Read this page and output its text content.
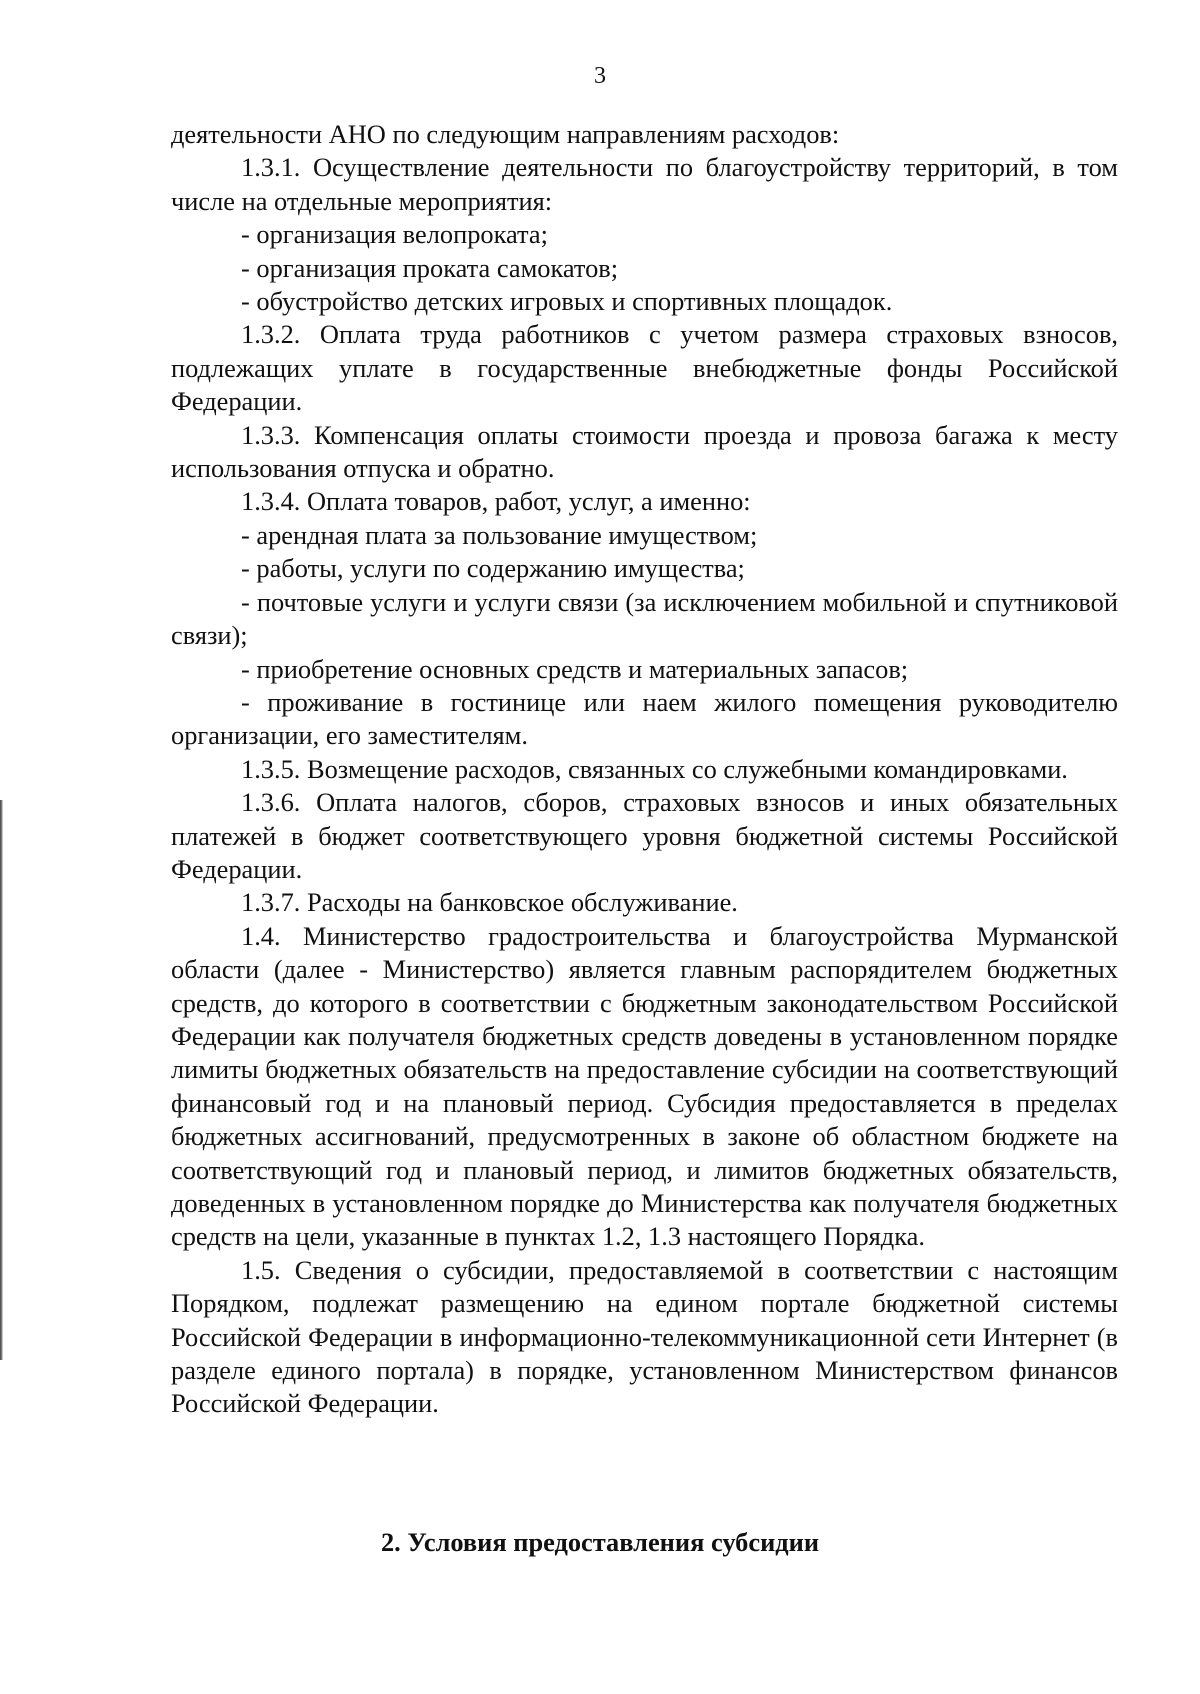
3

деятельности АНО по следующим направлениям расходов:

1.3.1. Осуществление деятельности по благоустройству территорий, в том числе на отдельные мероприятия:

- организация велопроката;

- организация проката самокатов;

- обустройство детских игровых и спортивных площадок.

1.3.2. Оплата труда работников с учетом размера страховых взносов, подлежащих уплате в государственные внебюджетные фонды Российской Федерации.

1.3.3. Компенсация оплаты стоимости проезда и провоза багажа к месту использования отпуска и обратно.

1.3.4. Оплата товаров, работ, услуг, а именно:

- арендная плата за пользование имуществом;

- работы, услуги по содержанию имущества;

- почтовые услуги и услуги связи (за исключением мобильной и спутниковой связи);

- приобретение основных средств и материальных запасов;

- проживание в гостинице или наем жилого помещения руководителю организации, его заместителям.

1.3.5. Возмещение расходов, связанных со служебными командировками.

1.3.6. Оплата налогов, сборов, страховых взносов и иных обязательных платежей в бюджет соответствующего уровня бюджетной системы Российской Федерации.

1.3.7. Расходы на банковское обслуживание.

1.4. Министерство градостроительства и благоустройства Мурманской области (далее - Министерство) является главным распорядителем бюджетных средств, до которого в соответствии с бюджетным законодательством Российской Федерации как получателя бюджетных средств доведены в установленном порядке лимиты бюджетных обязательств на предоставление субсидии на соответствующий финансовый год и на плановый период. Субсидия предоставляется в пределах бюджетных ассигнований, предусмотренных в законе об областном бюджете на соответствующий год и плановый период, и лимитов бюджетных обязательств, доведенных в установленном порядке до Министерства как получателя бюджетных средств на цели, указанные в пунктах 1.2, 1.3 настоящего Порядка.

1.5. Сведения о субсидии, предоставляемой в соответствии с настоящим Порядком, подлежат размещению на едином портале бюджетной системы Российской Федерации в информационно-телекоммуникационной сети Интернет (в разделе единого портала) в порядке, установленном Министерством финансов Российской Федерации.

2. Условия предоставления субсидии
